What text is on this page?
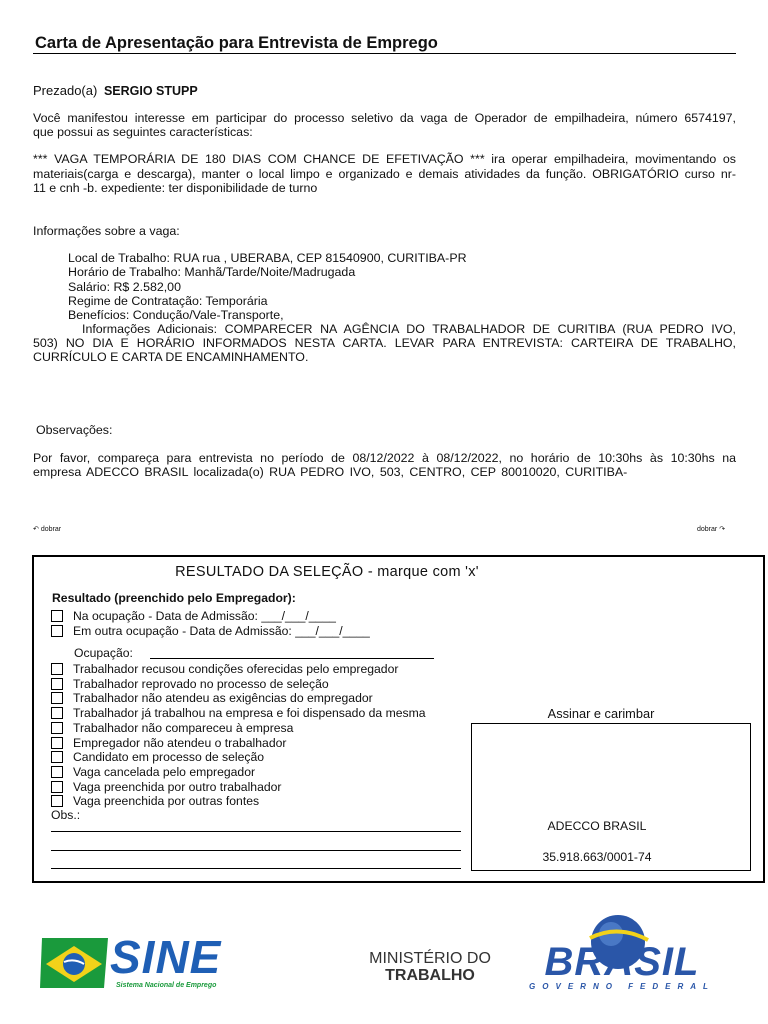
Carta de Apresentação para Entrevista de Emprego
Prezado(a) SERGIO STUPP
Você manifestou interesse em participar do processo seletivo da vaga de Operador de empilhadeira, número 6574197,
que possui as seguintes características:
*** VAGA TEMPORÁRIA DE 180 DIAS COM CHANCE DE EFETIVAÇÃO *** ira operar empilhadeira, movimentando os
materiais(carga e descarga), manter o local limpo e organizado e demais atividades da função. OBRIGATÓRIO curso nr-
11 e cnh -b. expediente: ter disponibilidade de turno
Informações sobre a vaga:
Local de Trabalho: RUA rua , UBERABA, CEP 81540900, CURITIBA-PR
Horário de Trabalho: Manhã/Tarde/Noite/Madrugada
Salário: R$ 2.582,00
Regime de Contratação: Temporária
Benefícios: Condução/Vale-Transporte,
Informações Adicionais: COMPARECER NA AGÊNCIA DO TRABALHADOR DE CURITIBA (RUA PEDRO IVO,
503) NO DIA E HORÁRIO INFORMADOS NESTA CARTA. LEVAR PARA ENTREVISTA: CARTEIRA DE TRABALHO,
CURRÍCULO E CARTA DE ENCAMINHAMENTO.
Observações:
Por favor, compareça para entrevista no período de 08/12/2022 à 08/12/2022, no horário de 10:30hs às 10:30hs na
empresa ADECCO BRASIL localizada(o) RUA PEDRO IVO, 503, CENTRO, CEP 80010020, CURITIBA-
↶ dobrar	dobrar ↷
RESULTADO DA SELEÇÃO - marque com 'x'
Resultado (preenchido pelo Empregador):
Na ocupação - Data de Admissão: ___/___/____
Em outra ocupação - Data de Admissão: ___/___/____
Ocupação:
Trabalhador recusou condições oferecidas pelo empregador
Trabalhador reprovado no processo de seleção
Trabalhador não atendeu as exigências do empregador
Trabalhador já trabalhou na empresa e foi dispensado da mesma
Trabalhador não compareceu à empresa
Empregador não atendeu o trabalhador
Candidato em processo de seleção
Vaga cancelada pelo empregador
Vaga preenchida por outro trabalhador
Vaga preenchida por outras fontes
Obs.:
Assinar e carimbar
ADECCO BRASIL
35.918.663/0001-74
SINE
Sistema Nacional de Emprego
MINISTÉRIO DO
TRABALHO	BRASIL
GOVERNO FEDERAL
